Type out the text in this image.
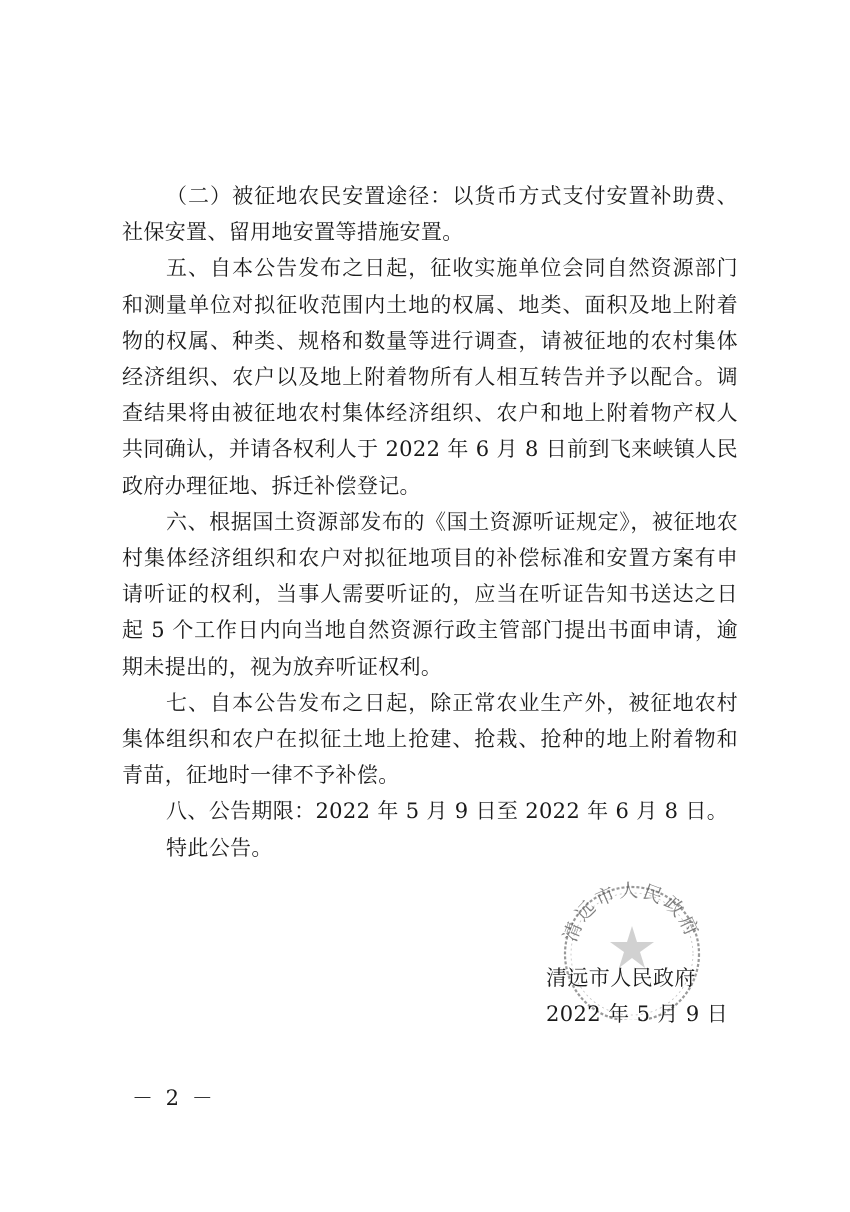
（二）被征地农民安置途径：以货币方式支付安置补助费、社保安置、留用地安置等措施安置。

五、自本公告发布之日起，征收实施单位会同自然资源部门和测量单位对拟征收范围内土地的权属、地类、面积及地上附着物的权属、种类、规格和数量等进行调查，请被征地的农村集体经济组织、农户以及地上附着物所有人相互转告并予以配合。调查结果将由被征地农村集体经济组织、农户和地上附着物产权人共同确认，并请各权利人于 2022 年 6 月 8 日前到飞来峡镇人民政府办理征地、拆迁补偿登记。

六、根据国土资源部发布的《国土资源听证规定》，被征地农村集体经济组织和农户对拟征地项目的补偿标准和安置方案有申请听证的权利，当事人需要听证的，应当在听证告知书送达之日起 5 个工作日内向当地自然资源行政主管部门提出书面申请，逾期未提出的，视为放弃听证权利。

七、自本公告发布之日起，除正常农业生产外，被征地农村集体组织和农户在拟征土地上抢建、抢栽、抢种的地上附着物和青苗，征地时一律不予补偿。

八、公告期限：2022 年 5 月 9 日至 2022 年 6 月 8 日。

特此公告。

清远市人民政府
清远市人民政府
2022 年 5 月 9 日
－ 2 －
